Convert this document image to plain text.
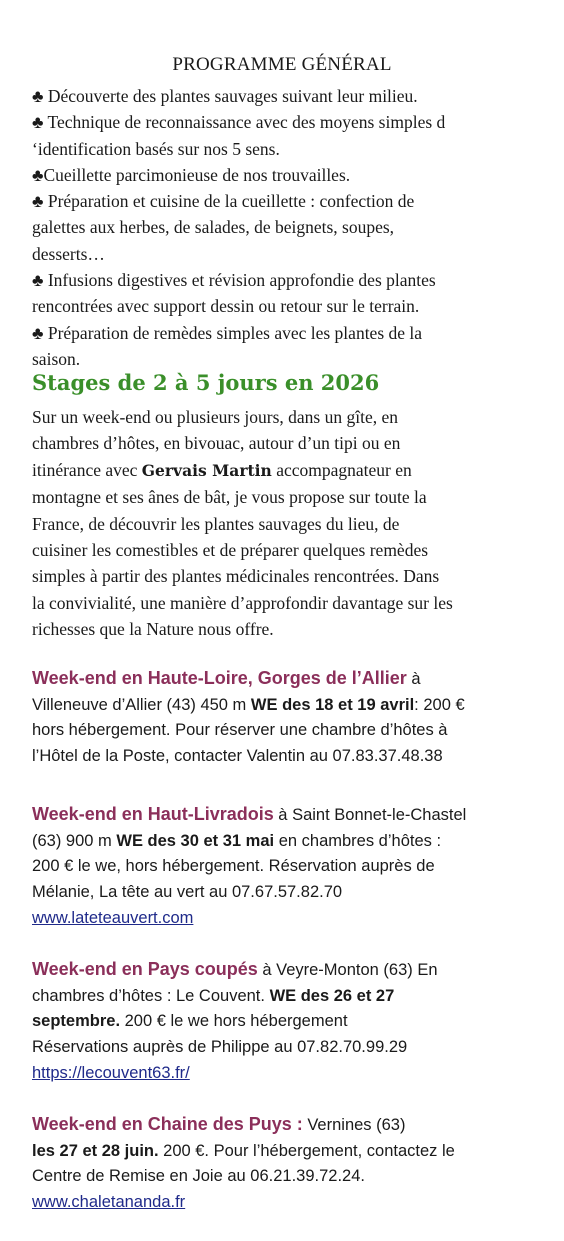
PROGRAMME GÉNÉRAL
♣ Découverte des plantes sauvages suivant leur milieu.
♣ Technique de reconnaissance avec des moyens simples d
‘identification basés sur nos 5 sens.
♣Cueillette parcimonieuse de nos trouvailles.
♣ Préparation et cuisine de la cueillette : confection de
galettes aux herbes, de salades, de beignets, soupes,
desserts…
♣ Infusions digestives et révision approfondie des plantes
rencontrées avec support dessin ou retour sur le terrain.
♣ Préparation de remèdes simples avec les plantes de la
saison.
Stages de 2 à 5 jours en 2026
Sur un week-end ou plusieurs jours, dans un gîte, en
chambres d’hôtes, en bivouac, autour d’un tipi ou en
itinérance avec Gervais Martin accompagnateur en
montagne et ses ânes de bât, je vous propose sur toute la
France, de découvrir les plantes sauvages du lieu, de
cuisiner les comestibles et de préparer quelques remèdes
simples à partir des plantes médicinales rencontrées. Dans
la convivialité, une manière d’approfondir davantage sur les
richesses que la Nature nous offre.
Week-end en Haute-Loire, Gorges de l’Allier à
Villeneuve d’Allier (43) 450 m WE des 18 et 19 avril: 200 €
hors hébergement. Pour réserver une chambre d’hôtes à
l’Hôtel de la Poste, contacter Valentin au 07.83.37.48.38
Week-end en Haut-Livradois à Saint Bonnet-le-Chastel
(63) 900 m WE des 30 et 31 mai en chambres d’hôtes :
200 € le we, hors hébergement. Réservation auprès de
Mélanie, La tête au vert au 07.67.57.82.70
www.lateteauvert.com
Week-end en Pays coupés à Veyre-Monton (63) En
chambres d’hôtes : Le Couvent. WE des 26 et 27
septembre. 200 € le we hors hébergement
Réservations auprès de Philippe au 07.82.70.99.29
https://lecouvent63.fr/
Week-end en Chaine des Puys : Vernines (63)
les 27 et 28 juin. 200 €. Pour l’hébergement, contactez le
Centre de Remise en Joie au 06.21.39.72.24.
www.chaletananda.fr
